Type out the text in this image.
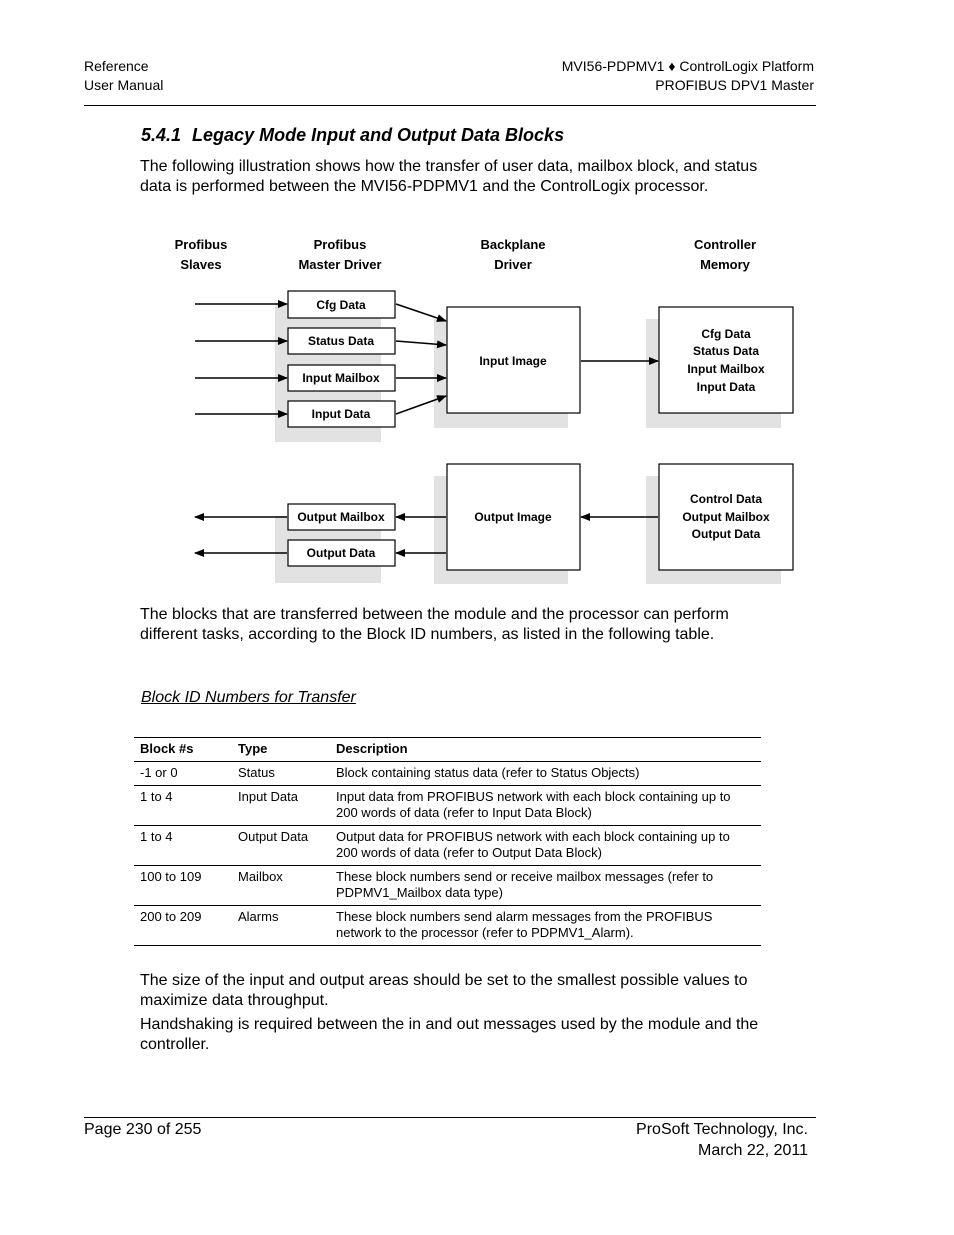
Reference
User Manual
MVI56-PDPMV1 ♦ ControlLogix Platform
PROFIBUS DPV1 Master
5.4.1 Legacy Mode Input and Output Data Blocks
The following illustration shows how the transfer of user data, mailbox block, and status data is performed between the MVI56-PDPMV1 and the ControlLogix processor.
Profibus
Slaves
Profibus
Master Driver
Backplane
Driver
Controller
Memory
Cfg Data
Status Data
Input Mailbox
Input Data
Input Image
Cfg Data
Status Data
Input Mailbox
Input Data
Output Mailbox
Output Data
Output Image
Control Data
Output Mailbox
Output Data
The blocks that are transferred between the module and the processor can perform different tasks, according to the Block ID numbers, as listed in the following table.
Block ID Numbers for Transfer
Block #s	Type	Description
-1 or 0	Status	Block containing status data (refer to Status Objects)
1 to 4	Input Data	Input data from PROFIBUS network with each block containing up to 200 words of data (refer to Input Data Block)
1 to 4	Output Data	Output data for PROFIBUS network with each block containing up to 200 words of data (refer to Output Data Block)
100 to 109	Mailbox	These block numbers send or receive mailbox messages (refer to PDPMV1_Mailbox data type)
200 to 209	Alarms	These block numbers send alarm messages from the PROFIBUS network to the processor (refer to PDPMV1_Alarm).
The size of the input and output areas should be set to the smallest possible values to maximize data throughput.
Handshaking is required between the in and out messages used by the module and the controller.
Page 230 of 255	ProSoft Technology, Inc.
March 22, 2011
